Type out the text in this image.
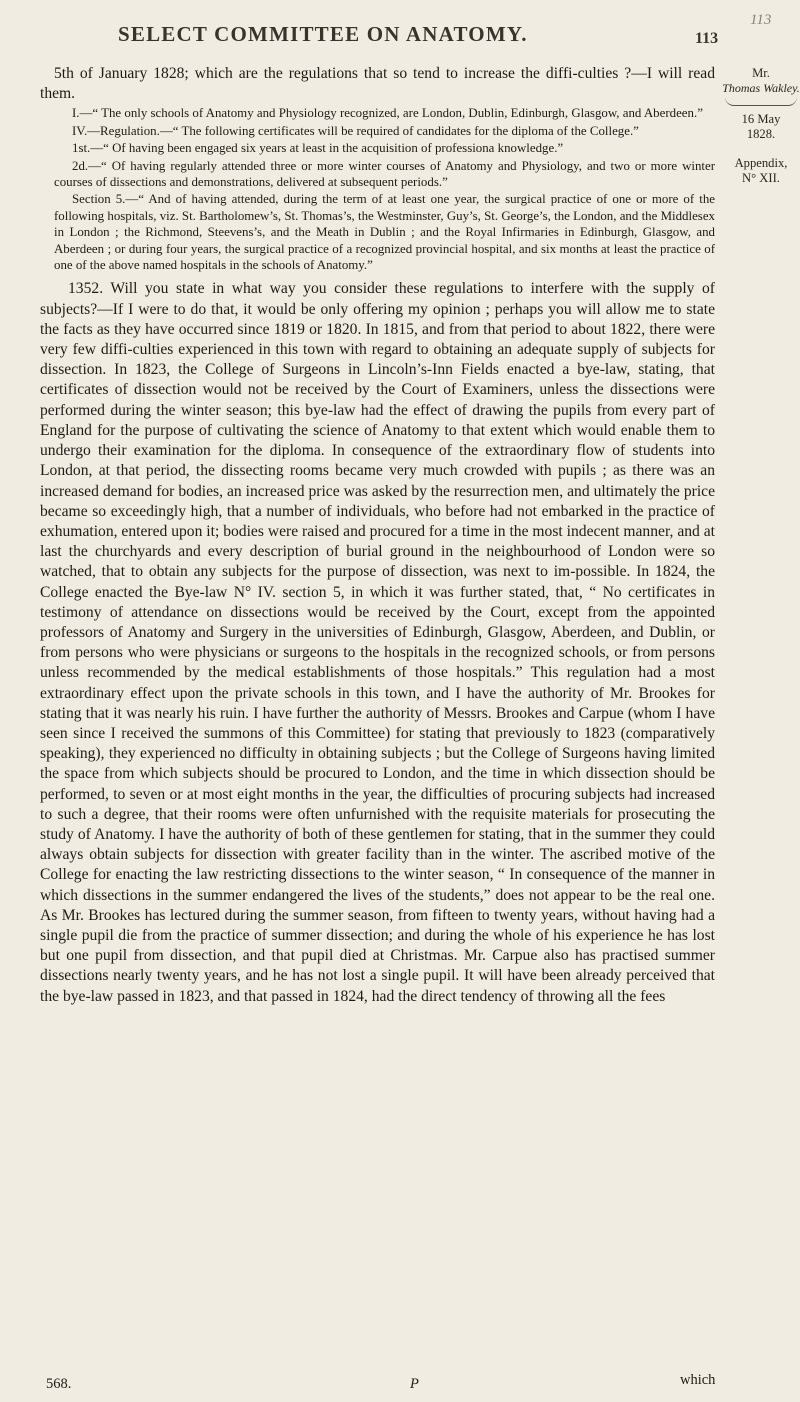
SELECT COMMITTEE ON ANATOMY.	113
113
Mr.
Thomas Wakley.
16 May
1828.
Appendix,
N° XII.

5th of January 1828; which are the regulations that so tend to increase the diffi-culties ?—I will read them.

I.—“ The only schools of Anatomy and Physiology recognized, are London, Dublin, Edinburgh, Glasgow, and Aberdeen.”

IV.—Regulation.—“ The following certificates will be required of candidates for the diploma of the College.”

1st.—“ Of having been engaged six years at least in the acquisition of professiona knowledge.”

2d.—“ Of having regularly attended three or more winter courses of Anatomy and Physiology, and two or more winter courses of dissections and demonstrations, delivered at subsequent periods.”

Section 5.—“ And of having attended, during the term of at least one year, the surgical practice of one or more of the following hospitals, viz. St. Bartholomew’s, St. Thomas’s, the Westminster, Guy’s, St. George’s, the London, and the Middlesex in London ; the Richmond, Steevens’s, and the Meath in Dublin ; and the Royal Infirmaries in Edinburgh, Glasgow, and Aberdeen ; or during four years, the surgical practice of a recognized provincial hospital, and six months at least the practice of one of the above named hospitals in the schools of Anatomy.”

1352. Will you state in what way you consider these regulations to interfere with the supply of subjects?—If I were to do that, it would be only offering my opinion ; perhaps you will allow me to state the facts as they have occurred since 1819 or 1820. In 1815, and from that period to about 1822, there were very few diffi-culties experienced in this town with regard to obtaining an adequate supply of subjects for dissection. In 1823, the College of Surgeons in Lincoln’s-Inn Fields enacted a bye-law, stating, that certificates of dissection would not be received by the Court of Examiners, unless the dissections were performed during the winter season; this bye-law had the effect of drawing the pupils from every part of England for the purpose of cultivating the science of Anatomy to that extent which would enable them to undergo their examination for the diploma. In consequence of the extraordinary flow of students into London, at that period, the dissecting rooms became very much crowded with pupils ; as there was an increased demand for bodies, an increased price was asked by the resurrection men, and ultimately the price became so exceedingly high, that a number of individuals, who before had not embarked in the practice of exhumation, entered upon it; bodies were raised and procured for a time in the most indecent manner, and at last the churchyards and every description of burial ground in the neighbourhood of London were so watched, that to obtain any subjects for the purpose of dissection, was next to im-possible. In 1824, the College enacted the Bye-law N° IV. section 5, in which it was further stated, that, “ No certificates in testimony of attendance on dissections would be received by the Court, except from the appointed professors of Anatomy and Surgery in the universities of Edinburgh, Glasgow, Aberdeen, and Dublin, or from persons who were physicians or surgeons to the hospitals in the recognized schools, or from persons unless recommended by the medical establishments of those hospitals.” This regulation had a most extraordinary effect upon the private schools in this town, and I have the authority of Mr. Brookes for stating that it was nearly his ruin. I have further the authority of Messrs. Brookes and Carpue (whom I have seen since I received the summons of this Committee) for stating that previously to 1823 (comparatively speaking), they experienced no difficulty in obtaining subjects ; but the College of Surgeons having limited the space from which subjects should be procured to London, and the time in which dissection should be performed, to seven or at most eight months in the year, the difficulties of procuring subjects had increased to such a degree, that their rooms were often unfurnished with the requisite materials for prosecuting the study of Anatomy. I have the authority of both of these gentlemen for stating, that in the summer they could always obtain subjects for dissection with greater facility than in the winter. The ascribed motive of the College for enacting the law restricting dissections to the winter season, “ In consequence of the manner in which dissections in the summer endangered the lives of the students,” does not appear to be the real one. As Mr. Brookes has lectured during the summer season, from fifteen to twenty years, without having had a single pupil die from the practice of summer dissection; and during the whole of his experience he has lost but one pupil from dissection, and that pupil died at Christmas. Mr. Carpue also has practised summer dissections nearly twenty years, and he has not lost a single pupil. It will have been already perceived that the bye-law passed in 1823, and that passed in 1824, had the direct tendency of throwing all the fees

568.	P	which
